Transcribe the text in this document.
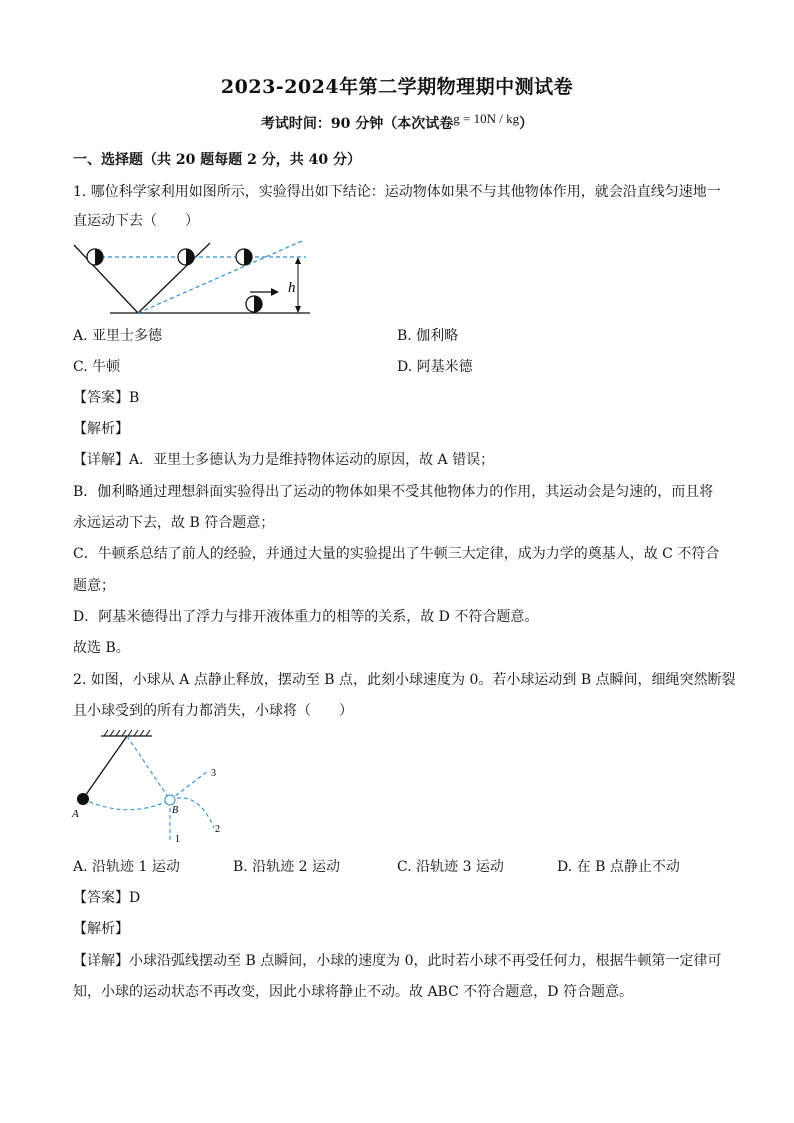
2023-2024年第二学期物理期中测试卷
考试时间：90 分钟（本次试卷g = 10N / kg）
一、选择题（共 20 题每题 2 分，共 40 分）
1. 哪位科学家利用如图所示，实验得出如下结论：运动物体如果不与其他物体作用，就会沿直线匀速地一
直运动下去（　　）
h
A. 亚里士多德	B. 伽利略
C. 牛顿	D. 阿基米德
【答案】B
【解析】
【详解】A．亚里士多德认为力是维持物体运动的原因，故 A 错误；
B．伽利略通过理想斜面实验得出了运动的物体如果不受其他物体力的作用，其运动会是匀速的，而且将
永远运动下去，故 B 符合题意；
C．牛顿系总结了前人的经验，并通过大量的实验提出了牛顿三大定律，成为力学的奠基人，故 C 不符合
题意；
D．阿基米德得出了浮力与排开液体重力的相等的关系，故 D 不符合题意。
故选 B。
2. 如图，小球从 A 点静止释放，摆动至 B 点，此刻小球速度为 0。若小球运动到 B 点瞬间，细绳突然断裂
且小球受到的所有力都消失，小球将（　　）
A	B
1
2
3
A. 沿轨迹 1 运动	B. 沿轨迹 2 运动	C. 沿轨迹 3 运动	D. 在 B 点静止不动
【答案】D
【解析】
【详解】小球沿弧线摆动至 B 点瞬间，小球的速度为 0，此时若小球不再受任何力，根据牛顿第一定律可
知，小球的运动状态不再改变，因此小球将静止不动。故 ABC 不符合题意，D 符合题意。
